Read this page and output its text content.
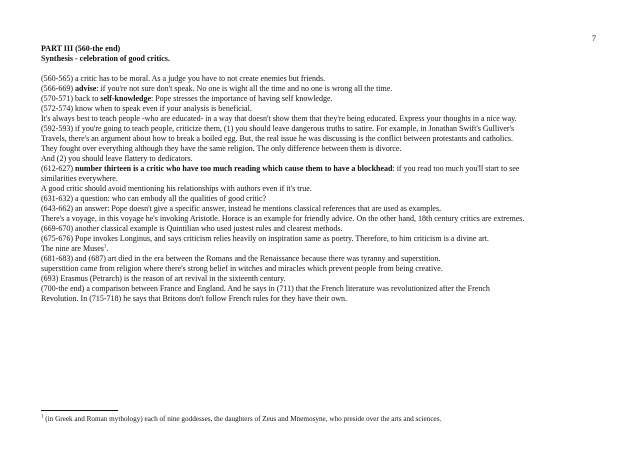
7
PART III (560-the end)
Synthesis - celebration of good critics.

(560-565) a critic has to be moral. As a judge you have to not create enemies but friends.

(566-669) advise: if you're not sure don't speak. No one is wight all the time and no one is wrong all the time.

(570-571) back to self-knowledge: Pope stresses the importance of having self knowledge.

(572-574) know when to speak even if your analysis is beneficial.

It's always best to teach people -who are educated- in a way that doesn't show them that they're being educated. Express your thoughts in a nice way.

(592-593) if you're going to teach people, criticize them, (1) you should leave dangerous truths to satire. For example, in Jonathan Swift's Gulliver's

Travels, there's an argument about how to break a boiled egg. But, the real issue he was discussing is the conflict between protestants and catholics.

They fought over everything although they have the same religion. The only difference between them is divorce.

And (2) you should leave flattery to dedicators.

(612-627) number thirteen is a critic who have too much reading which cause them to have a blockhead: if you read too much you'll start to see

similarities everywhere.

A good critic should avoid mentioning his relationships with authors even if it's true.

(631-632) a question: who can embody all the qualities of good critic?

(643-662) an answer: Pope doesn't give a specific answer, instead he mentions classical references that are used as examples.

There's a voyage, in this voyage he's invoking Aristotle. Horace is an example for friendly advice. On the other hand, 18th century critics are extremes.

(669-670) another classical example is Quintilian who used justest rules and clearest methods.

(675-676) Pope invokes Longinus, and says criticism relies heavily on inspiration same as poetry. Therefore, to him criticism is a divine art.

The nine are Muses$^1$.

(681-683) and (687) art died in the era between the Romans and the Renaissance because there was tyranny and superstition.

superstition came from religion where there's strong belief in witches and miracles which prevent people from being creative.

(693) Erasmus (Petrarch) is the reason of art revival in the sixteenth century.

(700-the end) a comparison between France and England. And he says in (711) that the French literature was revolutionized after the French

Revolution. In (715-718) he says that Britons don't follow French rules for they have their own.

$^1$ (in Greek and Roman mythology) each of nine goddesses, the daughters of Zeus and Mnemosyne, who preside over the arts and sciences.
